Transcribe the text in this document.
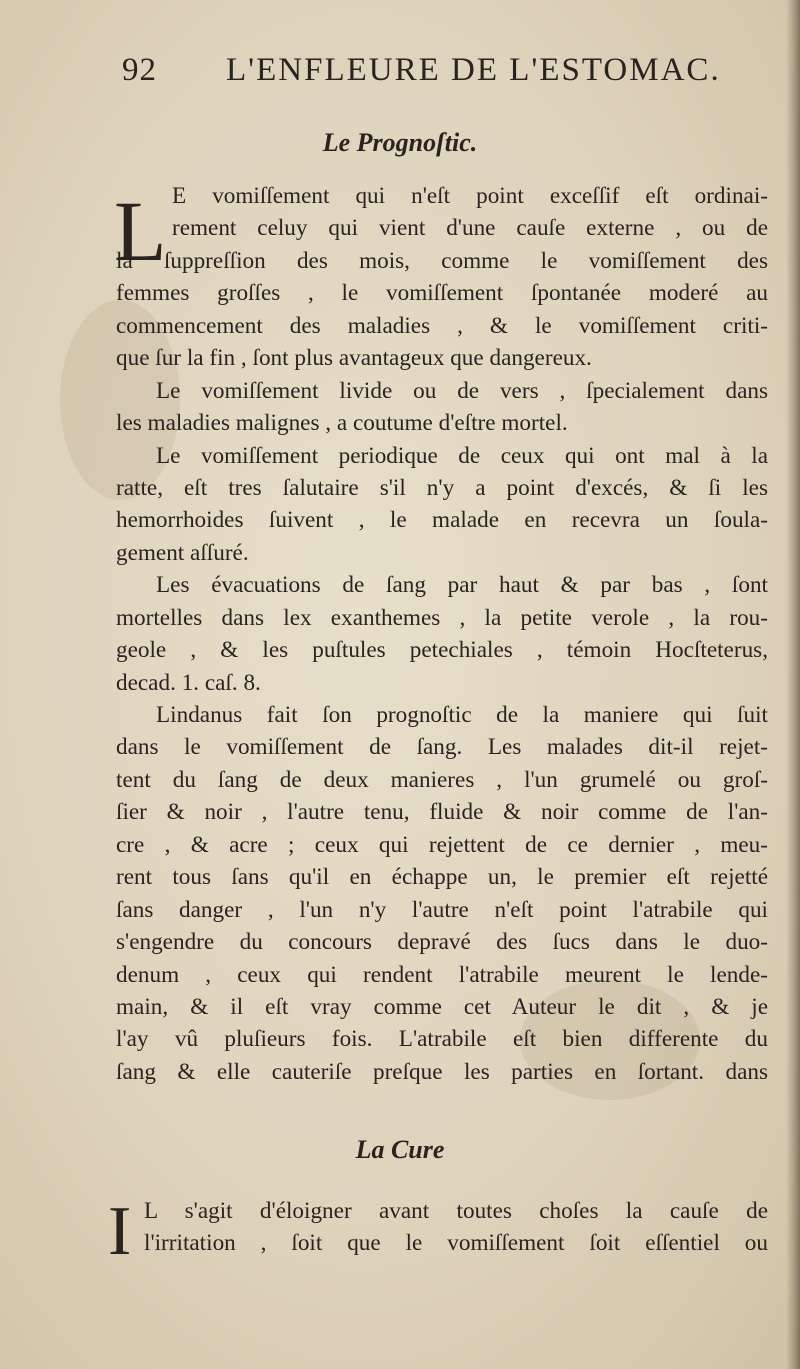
92 L'ENFLEURE DE L'ESTOMAC.
Le Prognoſtic.
L E vomiſſement qui n'eſt point exceſſif eſt ordinai-
rement celuy qui vient d'une cauſe externe , ou de
la ſuppreſſion des mois, comme le vomiſſement des
femmes groſſes , le vomiſſement ſpontanée moderé au
commencement des maladies , & le vomiſſement criti-
que ſur la fin , ſont plus avantageux que dangereux.
Le vomiſſement livide ou de vers , ſpecialement dans
les maladies malignes , a coutume d'eſtre mortel.
Le vomiſſement periodique de ceux qui ont mal à la
ratte, eſt tres ſalutaire s'il n'y a point d'excés, & ſi les
hemorrhoides ſuivent , le malade en recevra un ſoula-
gement aſſuré.
Les évacuations de ſang par haut & par bas , ſont
mortelles dans lex exanthemes , la petite verole , la rou-
geole , & les puſtules petechiales , témoin Hocſteterus,
decad. 1. caſ. 8.
Lindanus fait ſon prognoſtic de la maniere qui ſuit
dans le vomiſſement de ſang. Les malades dit-il rejet-
tent du ſang de deux manieres , l'un grumelé ou groſ-
ſier & noir , l'autre tenu, fluide & noir comme de l'an-
cre , & acre ; ceux qui rejettent de ce dernier , meu-
rent tous ſans qu'il en échappe un, le premier eſt rejetté
ſans danger , l'un n'y l'autre n'eſt point l'atrabile qui
s'engendre du concours depravé des ſucs dans le duo-
denum , ceux qui rendent l'atrabile meurent le lende-
main, & il eſt vray comme cet Auteur le dit , & je
l'ay vû pluſieurs fois. L'atrabile eſt bien differente du
ſang & elle cauteriſe preſque les parties en ſortant. dans
La Cure
I L s'agit d'éloigner avant toutes choſes la cauſe de
l'irritation , ſoit que le vomiſſement ſoit eſſentiel ou
